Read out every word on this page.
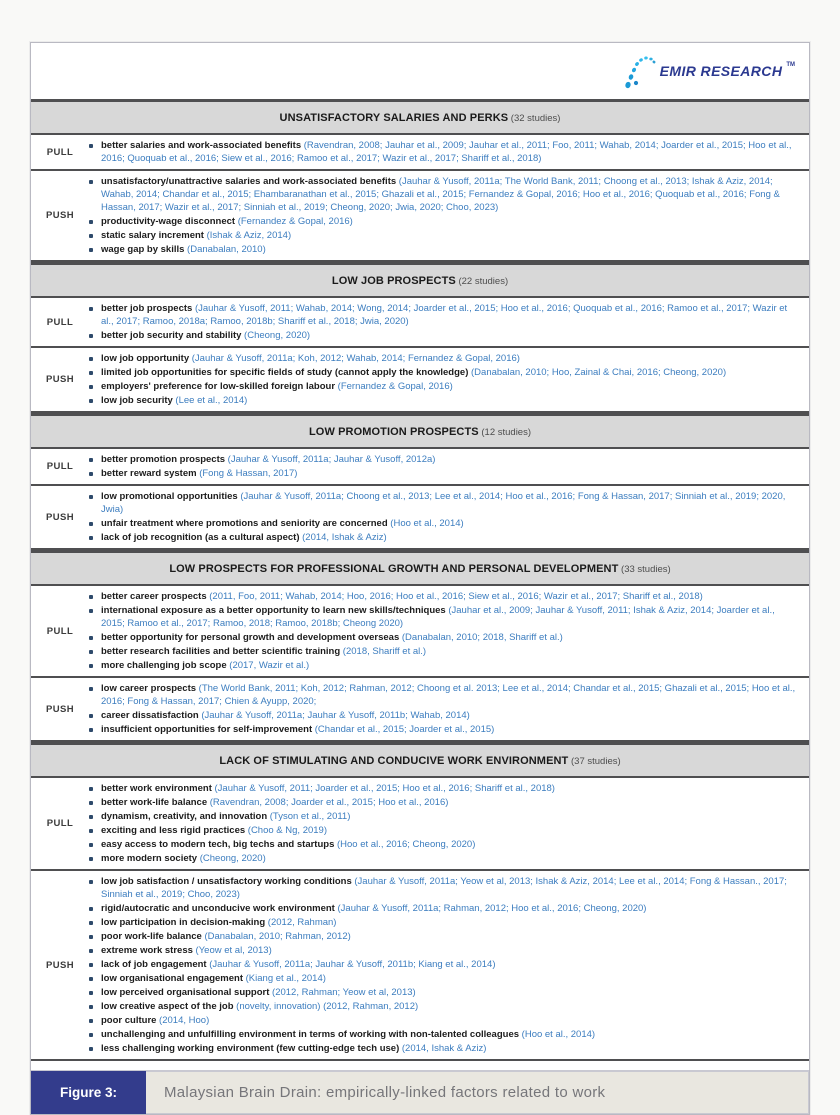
EMIR RESEARCH TM
UNSATISFACTORY SALARIES AND PERKS (32 studies)
PULL
better salaries and work-associated benefits (Ravendran, 2008; Jauhar et al., 2009; Jauhar et al., 2011; Foo, 2011; Wahab, 2014; Joarder et al., 2015; Hoo et al., 2016; Quoquab et al., 2016; Siew et al., 2016; Ramoo et al., 2017; Wazir et al., 2017; Shariff et al., 2018)
PUSH
unsatisfactory/unattractive salaries and work-associated benefits (Jauhar & Yusoff, 2011a; The World Bank, 2011; Choong et al., 2013; Ishak & Aziz, 2014; Wahab, 2014; Chandar et al., 2015; Ehambaranathan et al., 2015; Ghazali et al., 2015; Fernandez & Gopal, 2016; Hoo et al., 2016; Quoquab et al., 2016; Fong & Hassan, 2017; Wazir et al., 2017; Sinniah et al., 2019; Cheong, 2020; Jwia, 2020; Choo, 2023)
productivity-wage disconnect (Fernandez & Gopal, 2016)
static salary increment (Ishak & Aziz, 2014)
wage gap by skills (Danabalan, 2010)
LOW JOB PROSPECTS (22 studies)
PULL
better job prospects (Jauhar & Yusoff, 2011; Wahab, 2014; Wong, 2014; Joarder et al., 2015; Hoo et al., 2016; Quoquab et al., 2016; Ramoo et al., 2017; Wazir et al., 2017; Ramoo, 2018a; Ramoo, 2018b; Shariff et al., 2018; Jwia, 2020)
better job security and stability (Cheong, 2020)
PUSH
low job opportunity (Jauhar & Yusoff, 2011a; Koh, 2012; Wahab, 2014; Fernandez & Gopal, 2016)
limited job opportunities for specific fields of study (cannot apply the knowledge) (Danabalan, 2010; Hoo, Zainal & Chai, 2016; Cheong, 2020)
employers' preference for low-skilled foreign labour (Fernandez & Gopal, 2016)
low job security (Lee et al., 2014)
LOW PROMOTION PROSPECTS (12 studies)
PULL
better promotion prospects (Jauhar & Yusoff, 2011a; Jauhar & Yusoff, 2012a)
better reward system (Fong & Hassan, 2017)
PUSH
low promotional opportunities (Jauhar & Yusoff, 2011a; Choong et al., 2013; Lee et al., 2014; Hoo et al., 2016; Fong & Hassan, 2017; Sinniah et al., 2019; 2020, Jwia)
unfair treatment where promotions and seniority are concerned (Hoo et al., 2014)
lack of job recognition (as a cultural aspect) (2014, Ishak & Aziz)
LOW PROSPECTS FOR PROFESSIONAL GROWTH AND PERSONAL DEVELOPMENT (33 studies)
PULL
better career prospects (2011, Foo, 2011; Wahab, 2014; Hoo, 2016; Hoo et al., 2016; Siew et al., 2016; Wazir et al., 2017; Shariff et al., 2018)
international exposure as a better opportunity to learn new skills/techniques (Jauhar et al., 2009; Jauhar & Yusoff, 2011; Ishak & Aziz, 2014; Joarder et al., 2015; Ramoo et al., 2017; Ramoo, 2018; Ramoo, 2018b; Cheong 2020)
better opportunity for personal growth and development overseas (Danabalan, 2010; 2018, Shariff et al.)
better research facilities and better scientific training (2018, Shariff et al.)
more challenging job scope (2017, Wazir et al.)
PUSH
low career prospects (The World Bank, 2011; Koh, 2012; Rahman, 2012; Choong et al. 2013; Lee et al., 2014; Chandar et al., 2015; Ghazali et al., 2015; Hoo et al., 2016; Fong & Hassan, 2017; Chien & Ayupp, 2020;
career dissatisfaction (Jauhar & Yusoff, 2011a; Jauhar & Yusoff, 2011b; Wahab, 2014)
insufficient opportunities for self-improvement (Chandar et al., 2015; Joarder et al., 2015)
LACK OF STIMULATING AND CONDUCIVE WORK ENVIRONMENT (37 studies)
PULL
better work environment (Jauhar & Yusoff, 2011; Joarder et al., 2015; Hoo et al., 2016; Shariff et al., 2018)
better work-life balance (Ravendran, 2008; Joarder et al., 2015; Hoo et al., 2016)
dynamism, creativity, and innovation (Tyson et al., 2011)
exciting and less rigid practices (Choo & Ng, 2019)
easy access to modern tech, big techs and startups (Hoo et al., 2016; Cheong, 2020)
more modern society (Cheong, 2020)
PUSH
low job satisfaction / unsatisfactory working conditions (Jauhar & Yusoff, 2011a; Yeow et al, 2013; Ishak & Aziz, 2014; Lee et al., 2014; Fong & Hassan., 2017; Sinniah et al., 2019; Choo, 2023)
rigid/autocratic and unconducive work environment (Jauhar & Yusoff, 2011a; Rahman, 2012; Hoo et al., 2016; Cheong, 2020)
low participation in decision-making (2012, Rahman)
poor work-life balance (Danabalan, 2010; Rahman, 2012)
extreme work stress (Yeow et al, 2013)
lack of job engagement (Jauhar & Yusoff, 2011a; Jauhar & Yusoff, 2011b; Kiang et al., 2014)
low organisational engagement (Kiang et al., 2014)
low perceived organisational support (2012, Rahman; Yeow et al, 2013)
low creative aspect of the job (novelty, innovation) (2012, Rahman, 2012)
poor culture (2014, Hoo)
unchallenging and unfulfilling environment in terms of working with non-talented colleagues (Hoo et al., 2014)
less challenging working environment (few cutting-edge tech use) (2014, Ishak & Aziz)
Figure 3:	Malaysian Brain Drain: empirically-linked factors related to work
